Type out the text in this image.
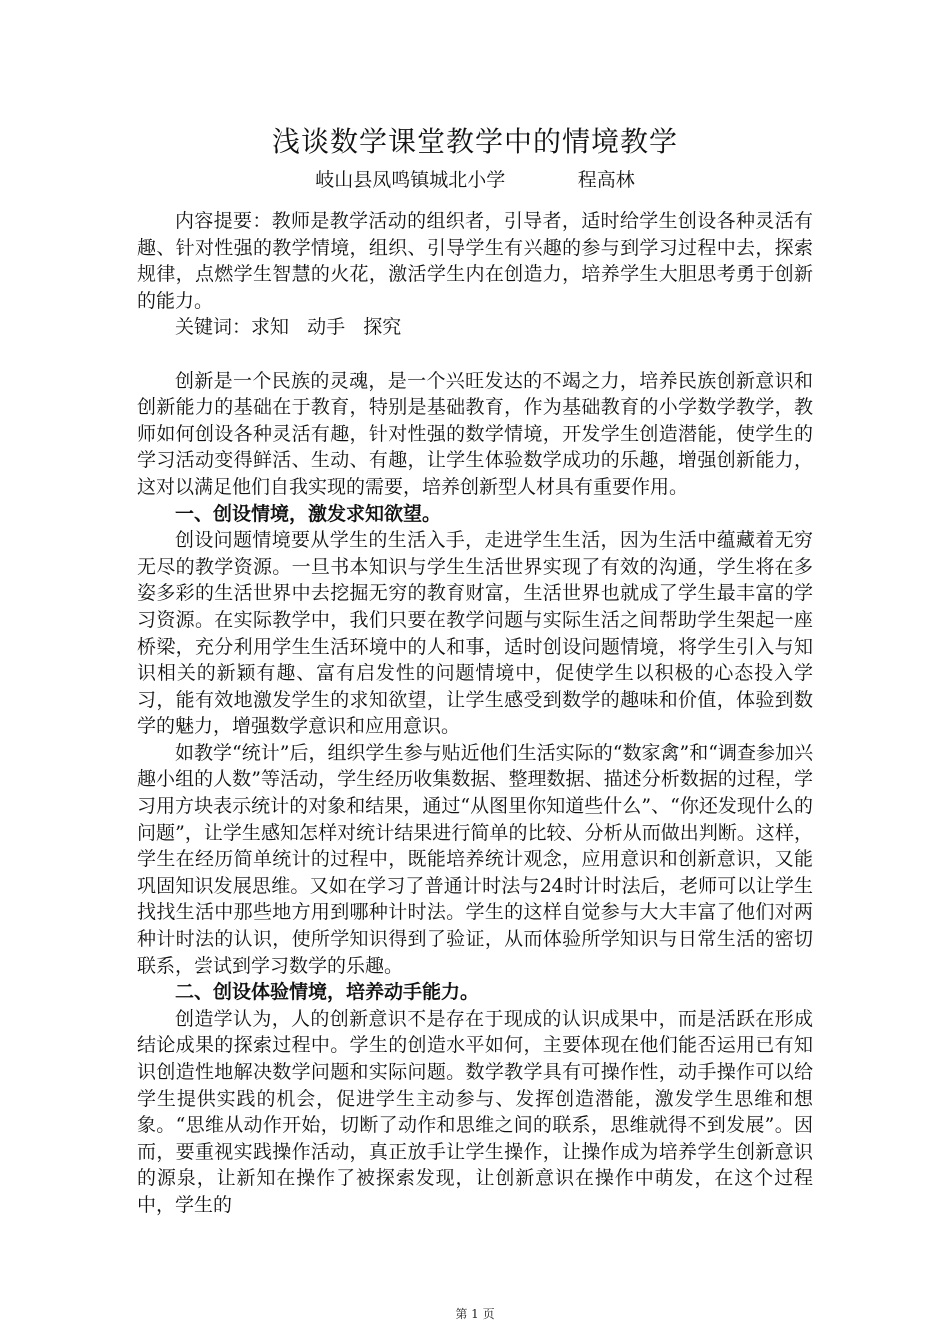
浅谈数学课堂教学中的情境教学
岐山县凤鸣镇城北小学            程高林

内容提要：教师是教学活动的组织者，引导者，适时给学生创设各种灵活有趣、针对性强的教学情境，组织、引导学生有兴趣的参与到学习过程中去，探索规律，点燃学生智慧的火花，激活学生内在创造力，培养学生大胆思考勇于创新的能力。

关键词：求知   动手   探究

创新是一个民族的灵魂，是一个兴旺发达的不竭之力，培养民族创新意识和创新能力的基础在于教育，特别是基础教育，作为基础教育的小学数学教学，教师如何创设各种灵活有趣，针对性强的数学情境，开发学生创造潜能，使学生的学习活动变得鲜活、生动、有趣，让学生体验数学成功的乐趣，增强创新能力，这对以满足他们自我实现的需要，培养创新型人材具有重要作用。

一、创设情境，激发求知欲望。

创设问题情境要从学生的生活入手，走进学生生活，因为生活中蕴藏着无穷无尽的教学资源。一旦书本知识与学生生活世界实现了有效的沟通，学生将在多姿多彩的生活世界中去挖掘无穷的教育财富，生活世界也就成了学生最丰富的学习资源。在实际教学中，我们只要在教学问题与实际生活之间帮助学生架起一座桥梁，充分利用学生生活环境中的人和事，适时创设问题情境，将学生引入与知识相关的新颖有趣、富有启发性的问题情境中，促使学生以积极的心态投入学习，能有效地激发学生的求知欲望，让学生感受到数学的趣味和价值，体验到数学的魅力，增强数学意识和应用意识。

如教学“统计”后，组织学生参与贴近他们生活实际的“数家禽”和“调查参加兴趣小组的人数”等活动，学生经历收集数据、整理数据、描述分析数据的过程，学习用方块表示统计的对象和结果，通过“从图里你知道些什么”、“你还发现什么的问题”，让学生感知怎样对统计结果进行简单的比较、分析从而做出判断。这样，学生在经历简单统计的过程中，既能培养统计观念，应用意识和创新意识，又能巩固知识发展思维。又如在学习了普通计时法与24时计时法后，老师可以让学生找找生活中那些地方用到哪种计时法。学生的这样自觉参与大大丰富了他们对两种计时法的认识，使所学知识得到了验证，从而体验所学知识与日常生活的密切联系，尝试到学习数学的乐趣。

二、创设体验情境，培养动手能力。

创造学认为，人的创新意识不是存在于现成的认识成果中，而是活跃在形成结论成果的探索过程中。学生的创造水平如何，主要体现在他们能否运用已有知识创造性地解决数学问题和实际问题。数学教学具有可操作性，动手操作可以给学生提供实践的机会，促进学生主动参与、发挥创造潜能，激发学生思维和想象。“思维从动作开始，切断了动作和思维之间的联系，思维就得不到发展”。因而，要重视实践操作活动，真正放手让学生操作，让操作成为培养学生创新意识的源泉，让新知在操作了被探索发现，让创新意识在操作中萌发，在这个过程中，学生的

第 1 页
